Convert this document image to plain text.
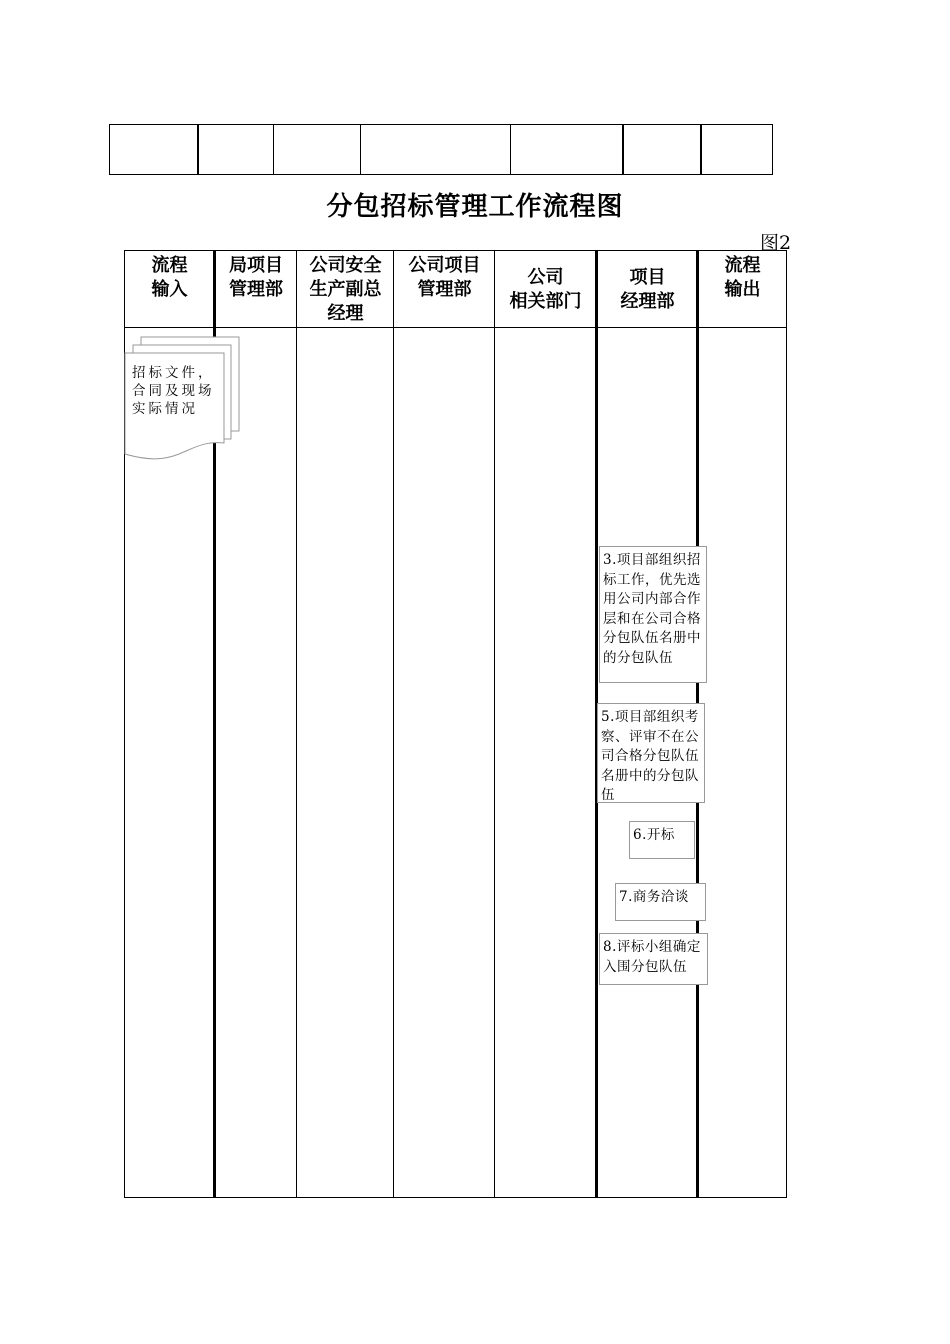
分包招标管理工作流程图
图2
流程
输入
局项目
管理部
公司安全
生产副总
经理
公司项目
管理部
公司
相关部门
项目
经理部
流程
输出
招标文件，
合同及现场
实际情况
3.项目部组织招
标工作，优先选
用公司内部合作
层和在公司合格
分包队伍名册中
的分包队伍
5.项目部组织考
察、评审不在公
司合格分包队伍
名册中的分包队
伍
6.开标
7.商务洽谈
8.评标小组确定
入围分包队伍
